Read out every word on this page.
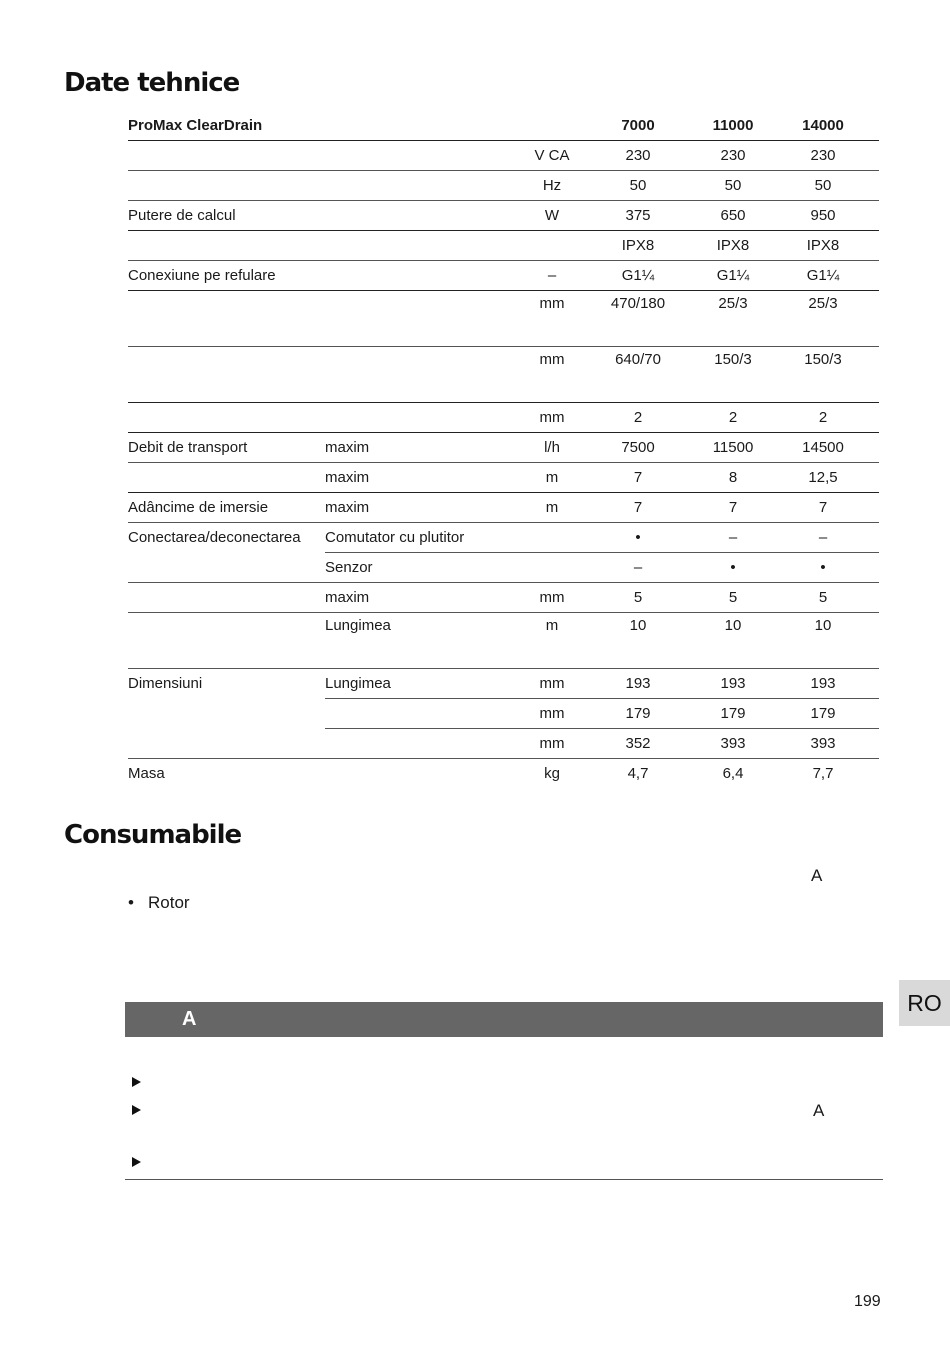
Date tehnice
ProMax ClearDrain			7000	11000	14000
		V CA	230	230	230
		Hz	50	50	50
Putere de calcul		W	375	650	950
			IPX8	IPX8	IPX8
Conexiune pe refulare		–	G1¼	G1¼	G1¼
		mm	470/180	25/3	25/3
		mm	640/70	150/3	150/3
		mm	2	2	2
Debit de transport	maxim	l/h	7500	11500	14500
	maxim	m	7	8	12,5
Adâncime de imersie	maxim	m	7	7	7
Conectarea/deconectarea	Comutator cu plutitor		•	–	–
	Senzor		–	•	•
	maxim	mm	5	5	5
	Lungimea	m	10	10	10
Dimensiuni	Lungimea	mm	193	193	193
		mm	179	179	179
		mm	352	393	393
Masa		kg	4,7	6,4	7,7
Consumabile
A
• Rotor
RO
A
A
199
